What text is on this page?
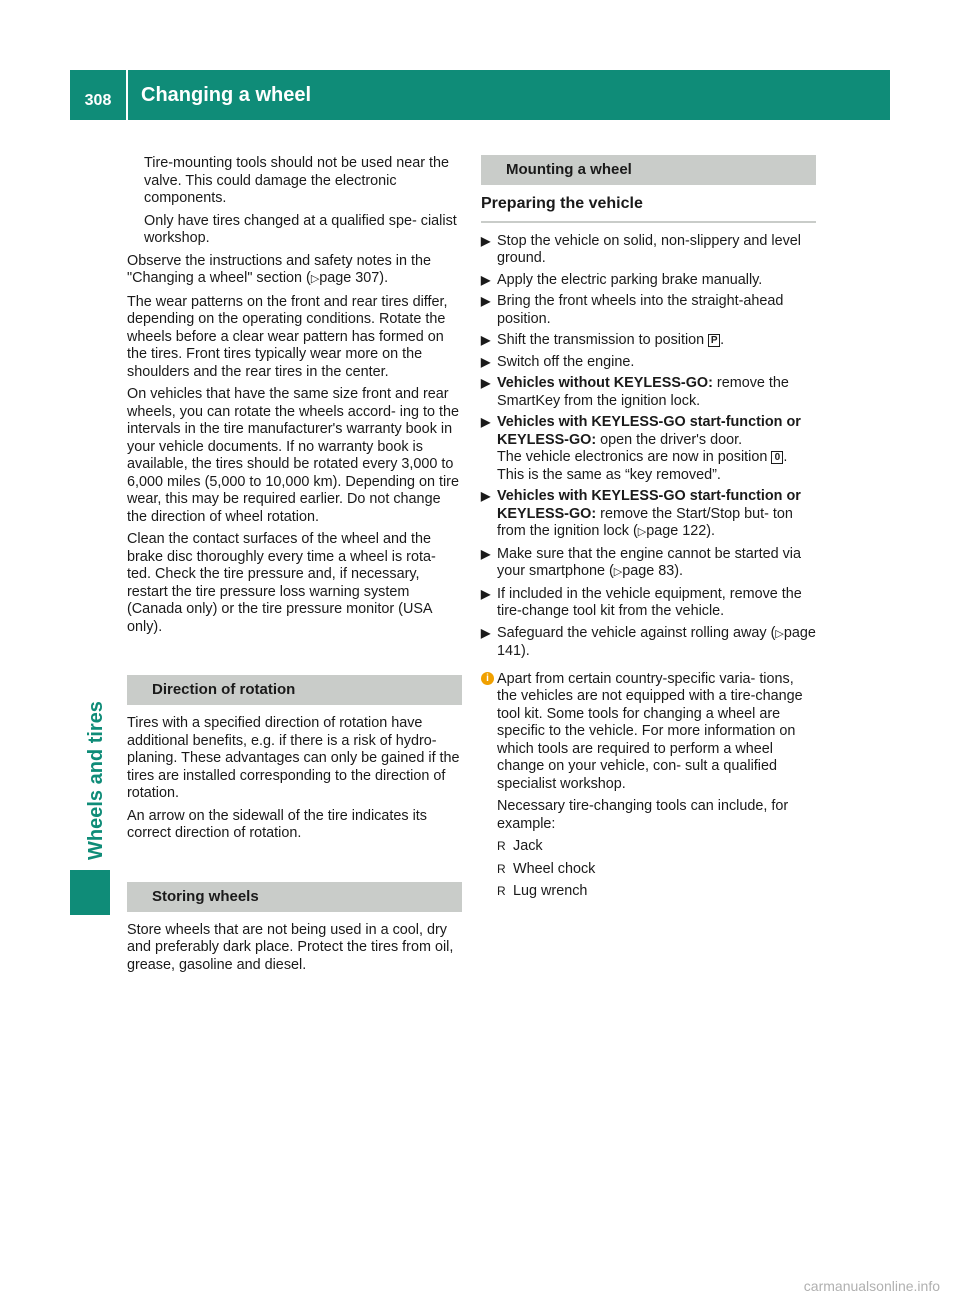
308	Changing a wheel
Wheels and tires

Tire-mounting tools should not be used near the valve. This could damage the electronic components.

Only have tires changed at a qualified spe- cialist workshop.

Observe the instructions and safety notes in the "Changing a wheel" section (▷page 307).

The wear patterns on the front and rear tires differ, depending on the operating conditions. Rotate the wheels before a clear wear pattern has formed on the tires. Front tires typically wear more on the shoulders and the rear tires in the center.

On vehicles that have the same size front and rear wheels, you can rotate the wheels accord- ing to the intervals in the tire manufacturer's warranty book in your vehicle documents. If no warranty book is available, the tires should be rotated every 3,000 to 6,000 miles (5,000 to 10,000 km). Depending on tire wear, this may be required earlier. Do not change the direction of wheel rotation.

Clean the contact surfaces of the wheel and the brake disc thoroughly every time a wheel is rota- ted. Check the tire pressure and, if necessary, restart the tire pressure loss warning system (Canada only) or the tire pressure monitor (USA only).

Direction of rotation

Tires with a specified direction of rotation have additional benefits, e.g. if there is a risk of hydro- planing. These advantages can only be gained if the tires are installed corresponding to the direction of rotation.

An arrow on the sidewall of the tire indicates its correct direction of rotation.

Storing wheels

Store wheels that are not being used in a cool, dry and preferably dark place. Protect the tires from oil, grease, gasoline and diesel.

Mounting a wheel
Preparing the vehicle
▶ Stop the vehicle on solid, non-slippery and level ground.
▶ Apply the electric parking brake manually.
▶ Bring the front wheels into the straight-ahead position.
▶ Shift the transmission to position P .
▶ Switch off the engine.
▶ Vehicles without KEYLESS-GO: remove the SmartKey from the ignition lock.
▶ Vehicles with KEYLESS-GO start-function or KEYLESS-GO: open the driver's door.
The vehicle electronics are now in position 0 . This is the same as “key removed”.
▶ Vehicles with KEYLESS-GO start-function or KEYLESS-GO: remove the Start/Stop but- ton from the ignition lock (▷page 122).
▶ Make sure that the engine cannot be started via your smartphone (▷page 83).
▶ If included in the vehicle equipment, remove the tire-change tool kit from the vehicle.
▶ Safeguard the vehicle against rolling away (▷page 141).
i Apart from certain country-specific varia- tions, the vehicles are not equipped with a tire-change tool kit. Some tools for changing a wheel are specific to the vehicle. For more information on which tools are required to perform a wheel change on your vehicle, con- sult a qualified specialist workshop.

Necessary tire-changing tools can include, for example:

R Jack
R Wheel chock
R Lug wrench
carmanualsonline.info
